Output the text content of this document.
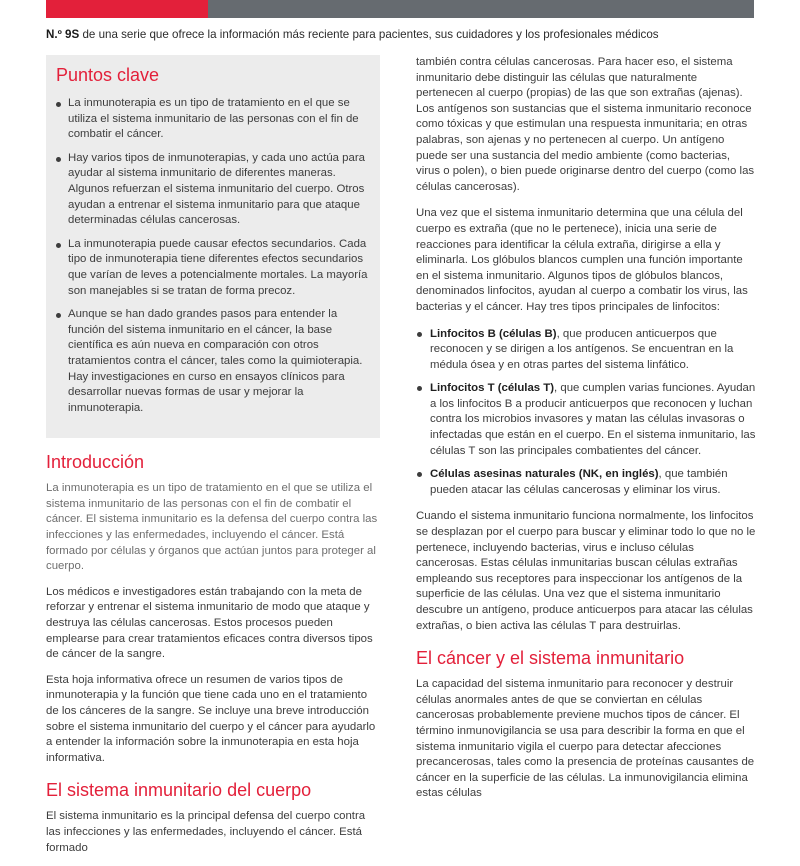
N.º 9S de una serie que ofrece la información más reciente para pacientes, sus cuidadores y los profesionales médicos
Puntos clave
La inmunoterapia es un tipo de tratamiento en el que se utiliza el sistema inmunitario de las personas con el fin de combatir el cáncer.
Hay varios tipos de inmunoterapias, y cada uno actúa para ayudar al sistema inmunitario de diferentes maneras. Algunos refuerzan el sistema inmunitario del cuerpo. Otros ayudan a entrenar el sistema inmunitario para que ataque determinadas células cancerosas.
La inmunoterapia puede causar efectos secundarios. Cada tipo de inmunoterapia tiene diferentes efectos secundarios que varían de leves a potencialmente mortales. La mayoría son manejables si se tratan de forma precoz.
Aunque se han dado grandes pasos para entender la función del sistema inmunitario en el cáncer, la base científica es aún nueva en comparación con otros tratamientos contra el cáncer, tales como la quimioterapia. Hay investigaciones en curso en ensayos clínicos para desarrollar nuevas formas de usar y mejorar la inmunoterapia.
Introducción

La inmunoterapia es un tipo de tratamiento en el que se utiliza el sistema inmunitario de las personas con el fin de combatir el cáncer. El sistema inmunitario es la defensa del cuerpo contra las infecciones y las enfermedades, incluyendo el cáncer. Está formado por células y órganos que actúan juntos para proteger al cuerpo.

Los médicos e investigadores están trabajando con la meta de reforzar y entrenar el sistema inmunitario de modo que ataque y destruya las células cancerosas. Estos procesos pueden emplearse para crear tratamientos eficaces contra diversos tipos de cáncer de la sangre.

Esta hoja informativa ofrece un resumen de varios tipos de inmunoterapia y la función que tiene cada uno en el tratamiento de los cánceres de la sangre. Se incluye una breve introducción sobre el sistema inmunitario del cuerpo y el cáncer para ayudarlo a entender la información sobre la inmunoterapia en esta hoja informativa.

El sistema inmunitario del cuerpo

El sistema inmunitario es la principal defensa del cuerpo contra las infecciones y las enfermedades, incluyendo el cáncer. Está formado

también contra células cancerosas. Para hacer eso, el sistema inmunitario debe distinguir las células que naturalmente pertenecen al cuerpo (propias) de las que son extrañas (ajenas). Los antígenos son sustancias que el sistema inmunitario reconoce como tóxicas y que estimulan una respuesta inmunitaria; en otras palabras, son ajenas y no pertenecen al cuerpo. Un antígeno puede ser una sustancia del medio ambiente (como bacterias, virus o polen), o bien puede originarse dentro del cuerpo (como las células cancerosas).

Una vez que el sistema inmunitario determina que una célula del cuerpo es extraña (que no le pertenece), inicia una serie de reacciones para identificar la célula extraña, dirigirse a ella y eliminarla. Los glóbulos blancos cumplen una función importante en el sistema inmunitario. Algunos tipos de glóbulos blancos, denominados linfocitos, ayudan al cuerpo a combatir los virus, las bacterias y el cáncer. Hay tres tipos principales de linfocitos:

Linfocitos B (células B), que producen anticuerpos que reconocen y se dirigen a los antígenos. Se encuentran en la médula ósea y en otras partes del sistema linfático.
Linfocitos T (células T), que cumplen varias funciones. Ayudan a los linfocitos B a producir anticuerpos que reconocen y luchan contra los microbios invasores y matan las células invasoras o infectadas que están en el cuerpo. En el sistema inmunitario, las células T son las principales combatientes del cáncer.
Células asesinas naturales (NK, en inglés), que también pueden atacar las células cancerosas y eliminar los virus.

Cuando el sistema inmunitario funciona normalmente, los linfocitos se desplazan por el cuerpo para buscar y eliminar todo lo que no le pertenece, incluyendo bacterias, virus e incluso células cancerosas. Estas células inmunitarias buscan células extrañas empleando sus receptores para inspeccionar los antígenos de la superficie de las células. Una vez que el sistema inmunitario descubre un antígeno, produce anticuerpos para atacar las células extrañas, o bien activa las células T para destruirlas.

El cáncer y el sistema inmunitario

La capacidad del sistema inmunitario para reconocer y destruir células anormales antes de que se conviertan en células cancerosas probablemente previene muchos tipos de cáncer. El término inmunovigilancia se usa para describir la forma en que el sistema inmunitario vigila el cuerpo para detectar afecciones precancerosas, tales como la presencia de proteínas causantes de cáncer en la superficie de las células. La inmunovigilancia elimina estas células
